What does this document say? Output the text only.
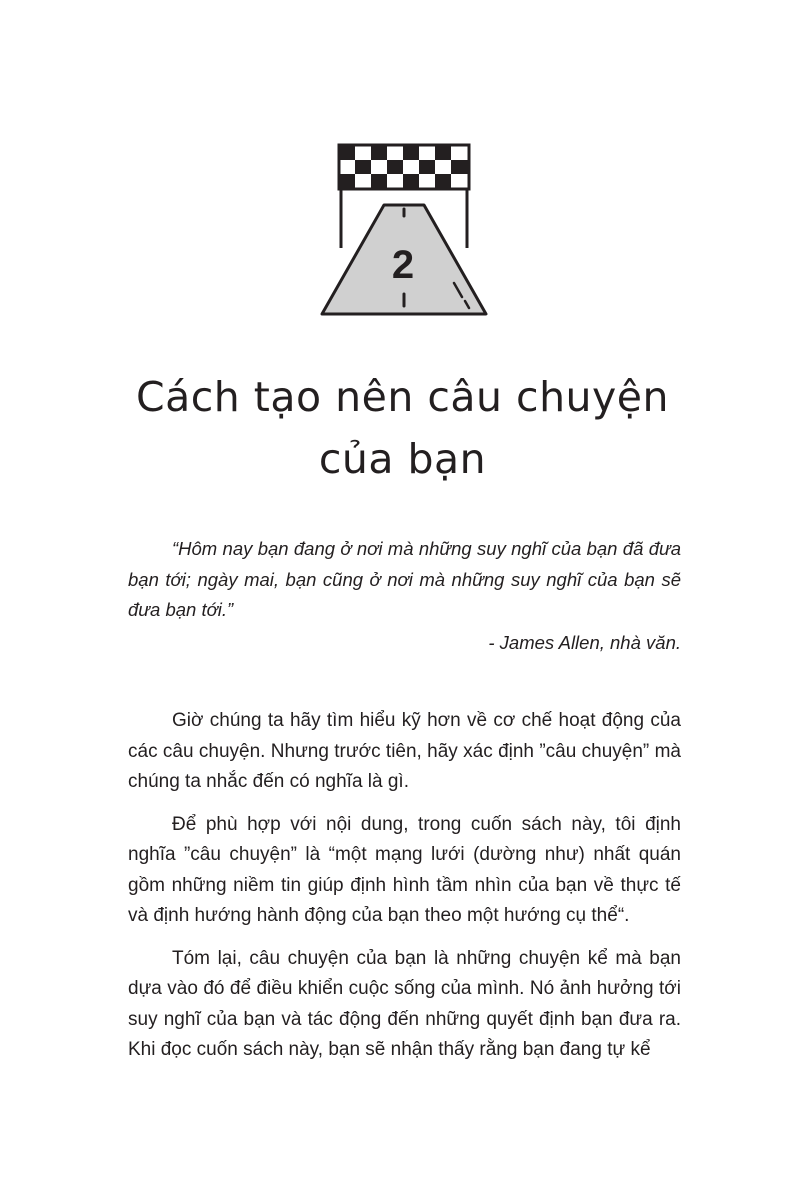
2
Cách tạo nên câu chuyện
của bạn

“Hôm nay bạn đang ở nơi mà những suy nghĩ của bạn đã đưa bạn tới; ngày mai, bạn cũng ở nơi mà những suy nghĩ của bạn sẽ đưa bạn tới.”

- James Allen, nhà văn.

Giờ chúng ta hãy tìm hiểu kỹ hơn về cơ chế hoạt động của các câu chuyện. Nhưng trước tiên, hãy xác định ”câu chuyện” mà chúng ta nhắc đến có nghĩa là gì.

Để phù hợp với nội dung, trong cuốn sách này, tôi định nghĩa ”câu chuyện” là “một mạng lưới (dường như) nhất quán gồm những niềm tin giúp định hình tầm nhìn của bạn về thực tế và định hướng hành động của bạn theo một hướng cụ thể“.

Tóm lại, câu chuyện của bạn là những chuyện kể mà bạn dựa vào đó để điều khiển cuộc sống của mình. Nó ảnh hưởng tới suy nghĩ của bạn và tác động đến những quyết định bạn đưa ra. Khi đọc cuốn sách này, bạn sẽ nhận thấy rằng bạn đang tự kể
